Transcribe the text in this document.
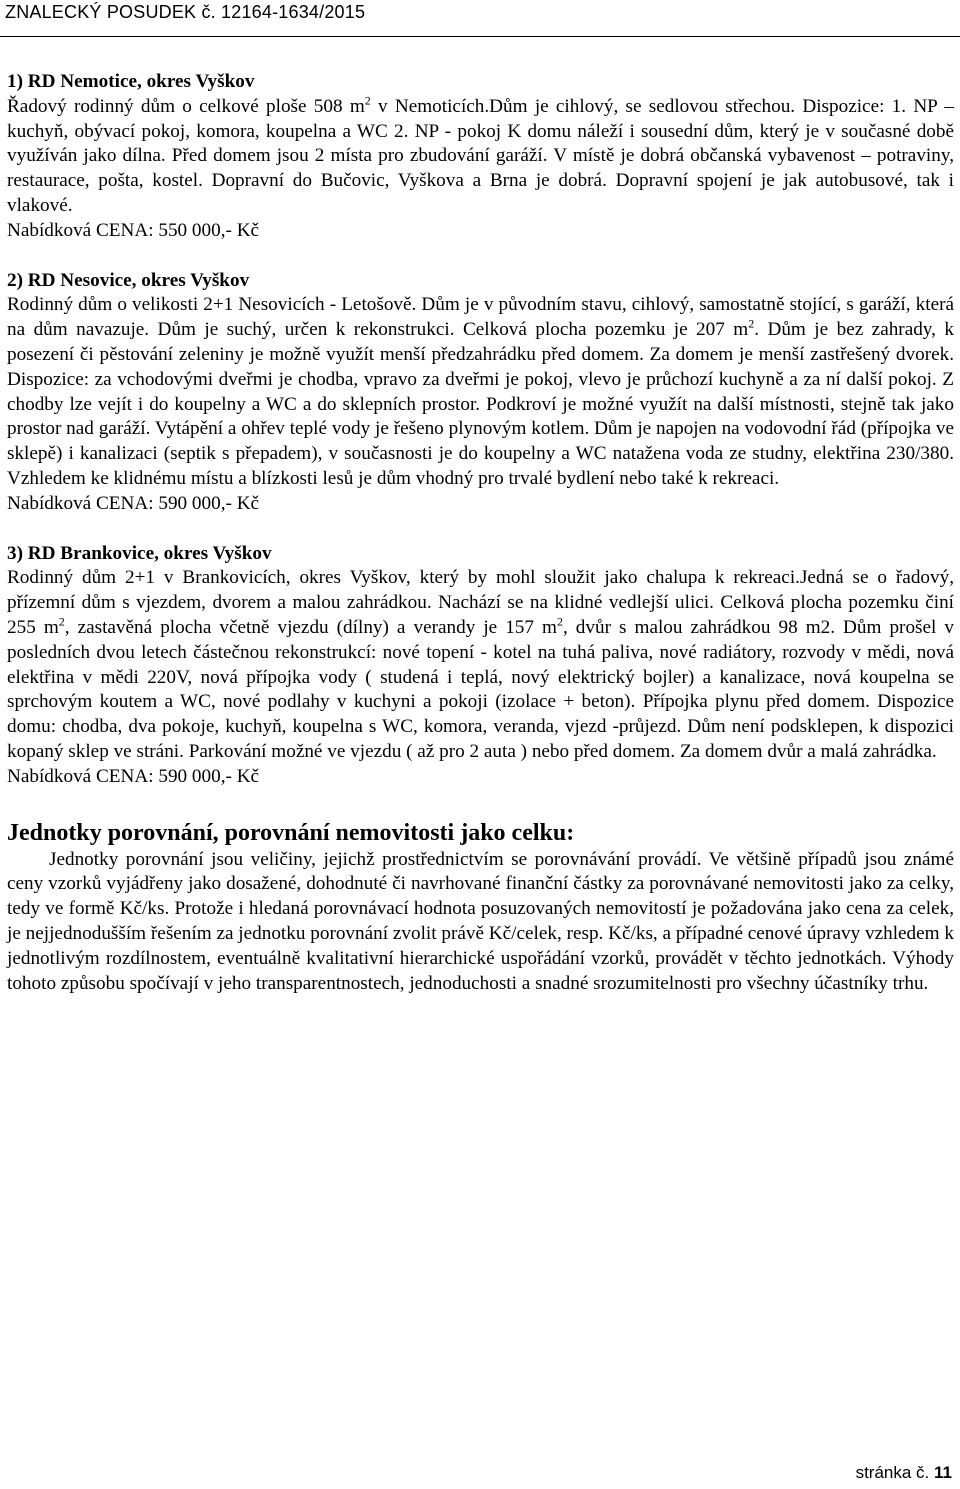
ZNALECKÝ POSUDEK č. 12164-1634/2015

1) RD Nemotice, okres Vyškov

Řadový rodinný dům o celkové ploše 508 $m^2$ v Nemoticích.Dům je cihlový, se sedlovou střechou. Dispozice: 1. NP –kuchyň, obývací pokoj, komora, koupelna a WC 2. NP - pokoj K domu náleží i sousední dům, který je v současné době využíván jako dílna. Před domem jsou 2 místa pro zbudování garáží. V místě je dobrá občanská vybavenost – potraviny, restaurace, pošta, kostel. Dopravní do Bučovic, Vyškova a Brna je dobrá. Dopravní spojení je jak autobusové, tak i vlakové.

Nabídková CENA: 550 000,- Kč

2) RD Nesovice, okres Vyškov

Rodinný dům o velikosti 2+1 Nesovicích - Letošově. Dům je v původním stavu, cihlový, samostatně stojící, s garáží, která na dům navazuje. Dům je suchý, určen k rekonstrukci. Celková plocha pozemku je 207 $m^2$. Dům je bez zahrady, k posezení či pěstování zeleniny je možně využít menší předzahrádku před domem. Za domem je menší zastřešený dvorek. Dispozice: za vchodovými dveřmi je chodba, vpravo za dveřmi je pokoj, vlevo je průchozí kuchyně a za ní další pokoj. Z chodby lze vejít i do koupelny a WC a do sklepních prostor. Podkroví je možné využít na další místnosti, stejně tak jako prostor nad garáží. Vytápění a ohřev teplé vody je řešeno plynovým kotlem. Dům je napojen na vodovodní řád (přípojka ve sklepě) i kanalizaci (septik s přepadem), v současnosti je do koupelny a WC natažena voda ze studny, elektřina 230/380. Vzhledem ke klidnému místu a blízkosti lesů je dům vhodný pro trvalé bydlení nebo také k rekreaci.

Nabídková CENA: 590 000,- Kč

3) RD Brankovice, okres Vyškov

Rodinný dům 2+1 v Brankovicích, okres Vyškov, který by mohl sloužit jako chalupa k rekreaci.Jedná se o řadový, přízemní dům s vjezdem, dvorem a malou zahrádkou. Nachází se na klidné vedlejší ulici. Celková plocha pozemku činí 255 $m^2$, zastavěná plocha včetně vjezdu (dílny) a verandy je 157 $m^2$, dvůr s malou zahrádkou 98 m2. Dům prošel v posledních dvou letech částečnou rekonstrukcí: nové topení - kotel na tuhá paliva, nové radiátory, rozvody v mědi, nová elektřina v mědi 220V, nová přípojka vody ( studená i teplá, nový elektrický bojler) a kanalizace, nová koupelna se sprchovým koutem a WC, nové podlahy v kuchyni a pokoji (izolace + beton). Přípojka plynu před domem. Dispozice domu: chodba, dva pokoje, kuchyň, koupelna s WC, komora, veranda, vjezd -průjezd. Dům není podsklepen, k dispozici kopaný sklep ve stráni. Parkování možné ve vjezdu ( až pro 2 auta ) nebo před domem. Za domem dvůr a malá zahrádka.

Nabídková CENA: 590 000,- Kč

Jednotky porovnání, porovnání nemovitosti jako celku:

Jednotky porovnání jsou veličiny, jejichž prostřednictvím se porovnávání provádí. Ve většině případů jsou známé ceny vzorků vyjádřeny jako dosažené, dohodnuté či navrhované finanční částky za porovnávané nemovitosti jako za celky, tedy ve formě Kč/ks. Protože i hledaná porovnávací hodnota posuzovaných nemovitostí je požadována jako cena za celek, je nejjednodušším řešením za jednotku porovnání zvolit právě Kč/celek, resp. Kč/ks, a případné cenové úpravy vzhledem k jednotlivým rozdílnostem, eventuálně kvalitativní hierarchické uspořádání vzorků, provádět v těchto jednotkách. Výhody tohoto způsobu spočívají v jeho transparentnostech, jednoduchosti a snadné srozumitelnosti pro všechny účastníky trhu.

stránka č. 11
